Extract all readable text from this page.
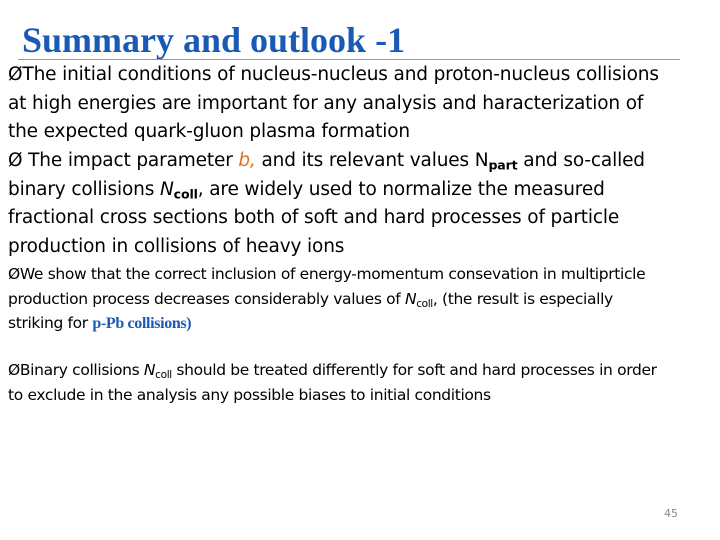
Summary and outlook -1
ØThe initial conditions of nucleus-nucleus and proton-nucleus collisions
at high energies are important for any analysis and haracterization of
the expected quark-gluon plasma formation
Ø The impact parameter b, and its relevant values $N_{part}$ and so-called
binary collisions $N_{coll}$, are widely used to normalize the measured
fractional cross sections both of soft and hard processes of particle
production in collisions of heavy ions
ØWe show that the correct inclusion of energy-momentum consevation in multiprticle
production process decreases considerably values of $N_{coll}$, (the result is especially
striking for p-Pb collisions)
ØBinary collisions $N_{coll}$ should be treated differently for soft and hard processes in order
to exclude in the analysis any possible biases to initial conditions
45
